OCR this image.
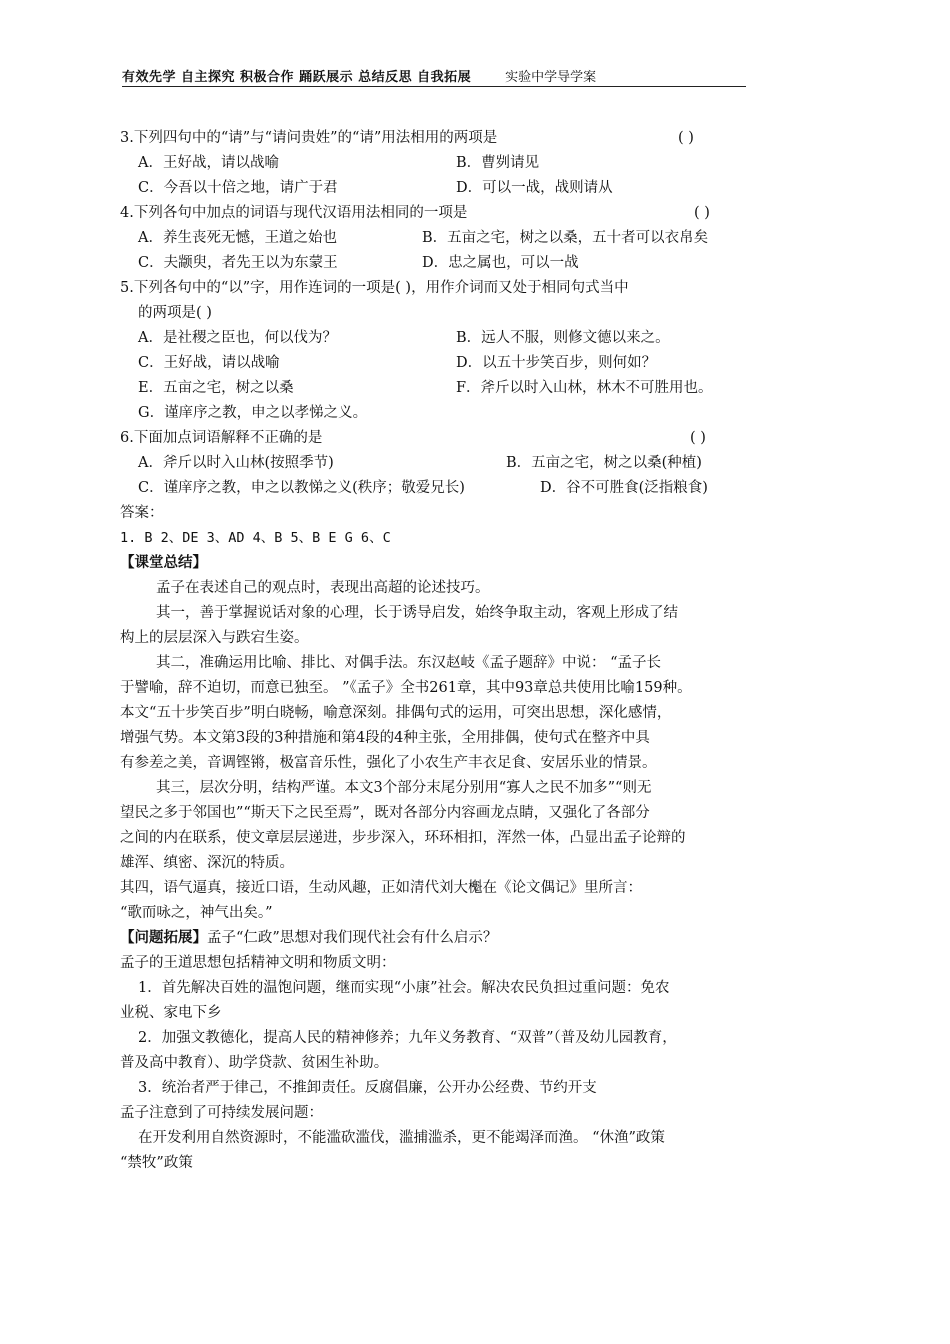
有效先学 自主探究 积极合作 踊跃展示 总结反思 自我拓展	实验中学导学案
3.下列四句中的“请”与“请问贵姓”的“请”用法相用的两项是	( )
A．王好战，请以战喻	B．曹刿请见
C．今吾以十倍之地，请广于君	D．可以一战，战则请从
4.下列各句中加点的词语与现代汉语用法相同的一项是	( )
A．养生丧死无憾，王道之始也	B．五亩之宅，树之以桑，五十者可以衣帛矣
C．夫颛臾，者先王以为东蒙王	D．忠之属也，可以一战
5.下列各句中的“以”字，用作连词的一项是( )，用作介词而又处于相同句式当中
的两项是( )
A．是社稷之臣也，何以伐为？	B．远人不服，则修文德以来之。
C．王好战，请以战喻	D．以五十步笑百步，则何如？
E．五亩之宅，树之以桑	F．斧斤以时入山林，林木不可胜用也。
G．谨庠序之教，申之以孝悌之义。
6.下面加点词语解释不正确的是	( )
A．斧斤以时入山林(按照季节)	B．五亩之宅，树之以桑(种植)
C．谨庠序之教，申之以教悌之义(秩序；敬爱兄长)	D．谷不可胜食(泛指粮食)
答案：
1. B 2、DE 3、AD 4、B 5、B E G 6、C
【课堂总结】
孟子在表述自己的观点时，表现出高超的论述技巧。
其一，善于掌握说话对象的心理，长于诱导启发，始终争取主动，客观上形成了结
构上的层层深入与跌宕生姿。
其二，准确运用比喻、排比、对偶手法。东汉赵岐《孟子题辞》中说： “孟子长
于譬喻，辞不迫切，而意已独至。 ”《孟子》全书261章，其中93章总共使用比喻159种。
本文“五十步笑百步”明白晓畅，喻意深刻。排偶句式的运用，可突出思想，深化感情，
增强气势。本文第3段的3种措施和第4段的4种主张，全用排偶，使句式在整齐中具
有参差之美，音调铿锵，极富音乐性，强化了小农生产丰衣足食、安居乐业的情景。
其三，层次分明，结构严谨。本文3个部分末尾分别用“寡人之民不加多”“则无
望民之多于邻国也”“斯天下之民至焉”，既对各部分内容画龙点睛，又强化了各部分
之间的内在联系，使文章层层递进，步步深入，环环相扣，浑然一体，凸显出孟子论辩的
雄浑、缜密、深沉的特质。
其四，语气逼真，接近口语，生动风趣，正如清代刘大櫆在《论文偶记》里所言：
“歌而咏之，神气出矣。”
【问题拓展】孟子“仁政”思想对我们现代社会有什么启示？
孟子的王道思想包括精神文明和物质文明：
1．首先解决百姓的温饱问题，继而实现“小康”社会。解决农民负担过重问题：免农
业税、家电下乡
2．加强文教德化，提高人民的精神修养；九年义务教育、“双普”（普及幼儿园教育，
普及高中教育）、助学贷款、贫困生补助。
3．统治者严于律己，不推卸责任。反腐倡廉，公开办公经费、节约开支
孟子注意到了可持续发展问题：
在开发利用自然资源时，不能滥砍滥伐，滥捕滥杀，更不能竭泽而渔。 “休渔”政策
“禁牧”政策
